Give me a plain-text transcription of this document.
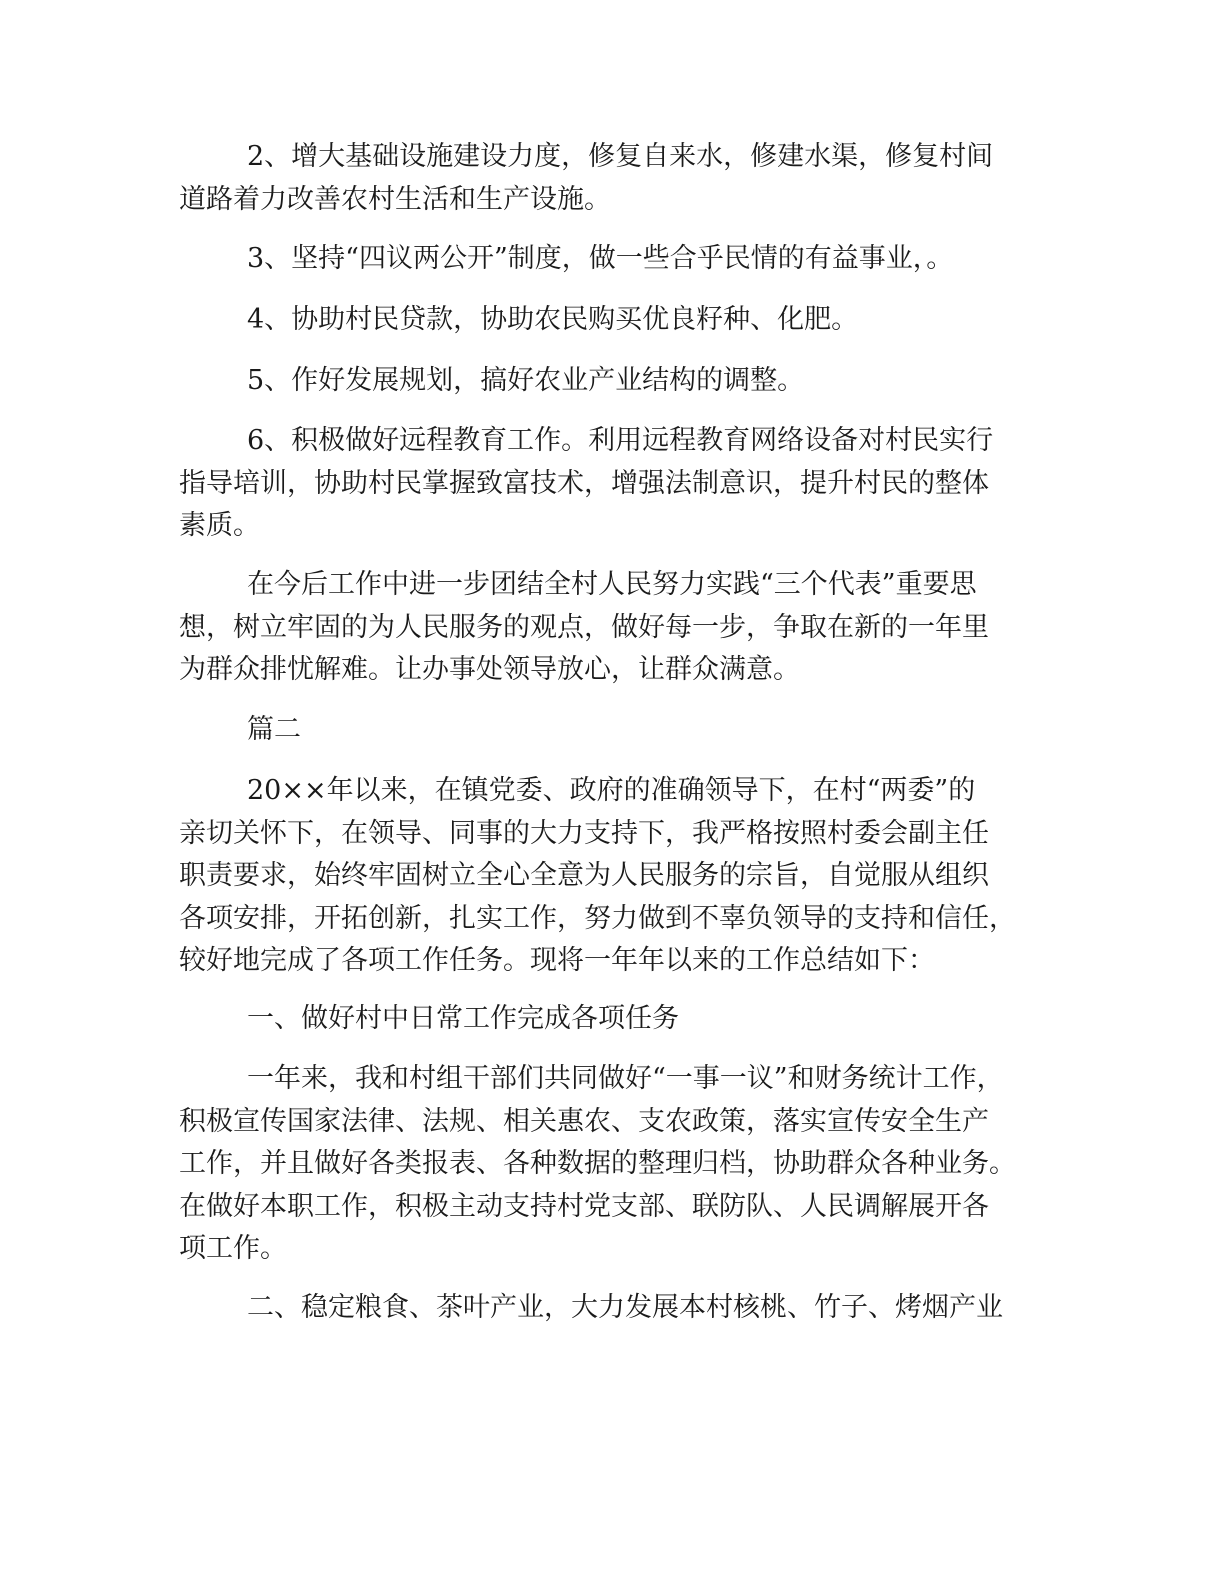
2、增大基础设施建设力度，修复自来水，修建水渠，修复村间
道路着力改善农村生活和生产设施。

3、坚持“四议两公开”制度，做一些合乎民情的有益事业，。

4、协助村民贷款，协助农民购买优良籽种、化肥。

5、作好发展规划，搞好农业产业结构的调整。

6、积极做好远程教育工作。利用远程教育网络设备对村民实行
指导培训，协助村民掌握致富技术，增强法制意识，提升村民的整体
素质。

在今后工作中进一步团结全村人民努力实践“三个代表”重要思
想，树立牢固的为人民服务的观点，做好每一步，争取在新的一年里
为群众排忧解难。让办事处领导放心，让群众满意。

篇二

20××年以来，在镇党委、政府的准确领导下，在村“两委”的
亲切关怀下，在领导、同事的大力支持下，我严格按照村委会副主任
职责要求，始终牢固树立全心全意为人民服务的宗旨，自觉服从组织
各项安排，开拓创新，扎实工作，努力做到不辜负领导的支持和信任，
较好地完成了各项工作任务。现将一年年以来的工作总结如下：

一、做好村中日常工作完成各项任务

一年来，我和村组干部们共同做好“一事一议”和财务统计工作，
积极宣传国家法律、法规、相关惠农、支农政策，落实宣传安全生产
工作，并且做好各类报表、各种数据的整理归档，协助群众各种业务。
在做好本职工作，积极主动支持村党支部、联防队、人民调解展开各
项工作。

二、稳定粮食、茶叶产业，大力发展本村核桃、竹子、烤烟产业
